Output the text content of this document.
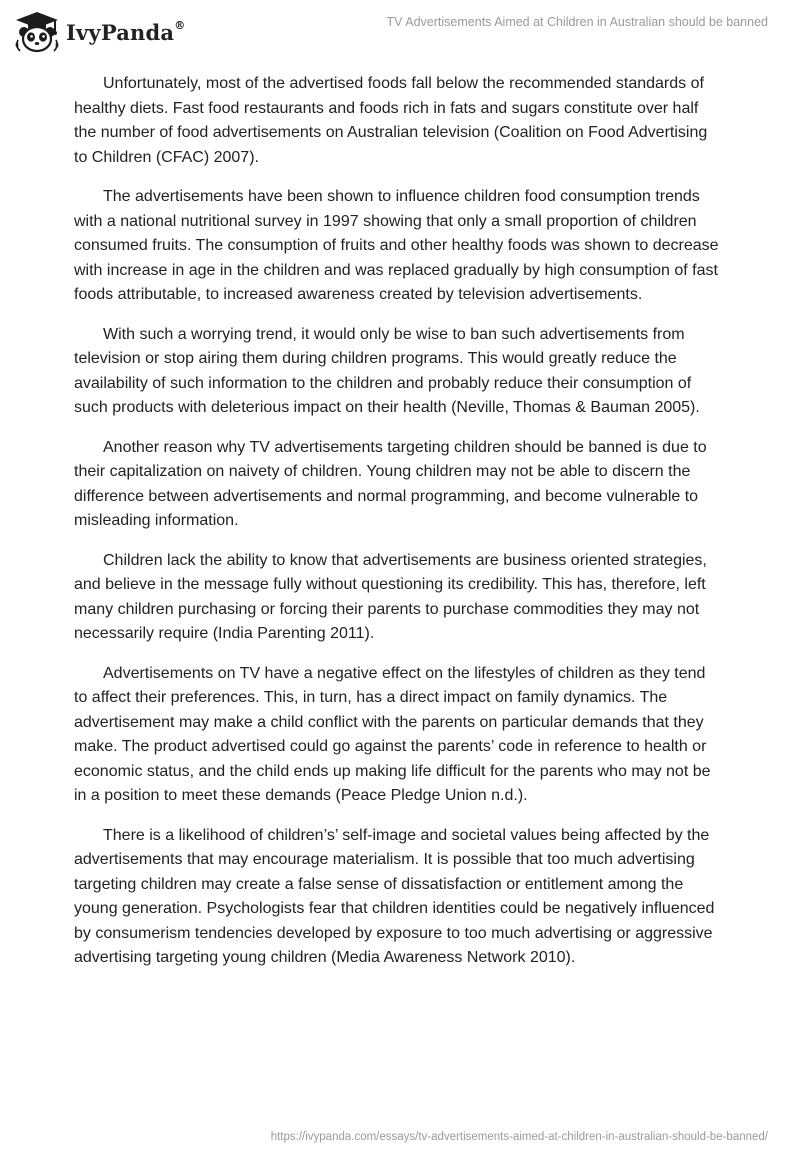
IvyPanda®	TV Advertisements Aimed at Children in Australian should be banned

Unfortunately, most of the advertised foods fall below the recommended standards of healthy diets. Fast food restaurants and foods rich in fats and sugars constitute over half the number of food advertisements on Australian television (Coalition on Food Advertising to Children (CFAC) 2007).

The advertisements have been shown to influence children food consumption trends with a national nutritional survey in 1997 showing that only a small proportion of children consumed fruits. The consumption of fruits and other healthy foods was shown to decrease with increase in age in the children and was replaced gradually by high consumption of fast foods attributable, to increased awareness created by television advertisements.

With such a worrying trend, it would only be wise to ban such advertisements from television or stop airing them during children programs. This would greatly reduce the availability of such information to the children and probably reduce their consumption of such products with deleterious impact on their health (Neville, Thomas & Bauman 2005).

Another reason why TV advertisements targeting children should be banned is due to their capitalization on naivety of children. Young children may not be able to discern the difference between advertisements and normal programming, and become vulnerable to misleading information.

Children lack the ability to know that advertisements are business oriented strategies, and believe in the message fully without questioning its credibility. This has, therefore, left many children purchasing or forcing their parents to purchase commodities they may not necessarily require (India Parenting 2011).

Advertisements on TV have a negative effect on the lifestyles of children as they tend to affect their preferences. This, in turn, has a direct impact on family dynamics. The advertisement may make a child conflict with the parents on particular demands that they make. The product advertised could go against the parents’ code in reference to health or economic status, and the child ends up making life difficult for the parents who may not be in a position to meet these demands (Peace Pledge Union n.d.).

There is a likelihood of children’s’ self-image and societal values being affected by the advertisements that may encourage materialism. It is possible that too much advertising targeting children may create a false sense of dissatisfaction or entitlement among the young generation. Psychologists fear that children identities could be negatively influenced by consumerism tendencies developed by exposure to too much advertising or aggressive advertising targeting young children (Media Awareness Network 2010).

https://ivypanda.com/essays/tv-advertisements-aimed-at-children-in-australian-should-be-banned/
